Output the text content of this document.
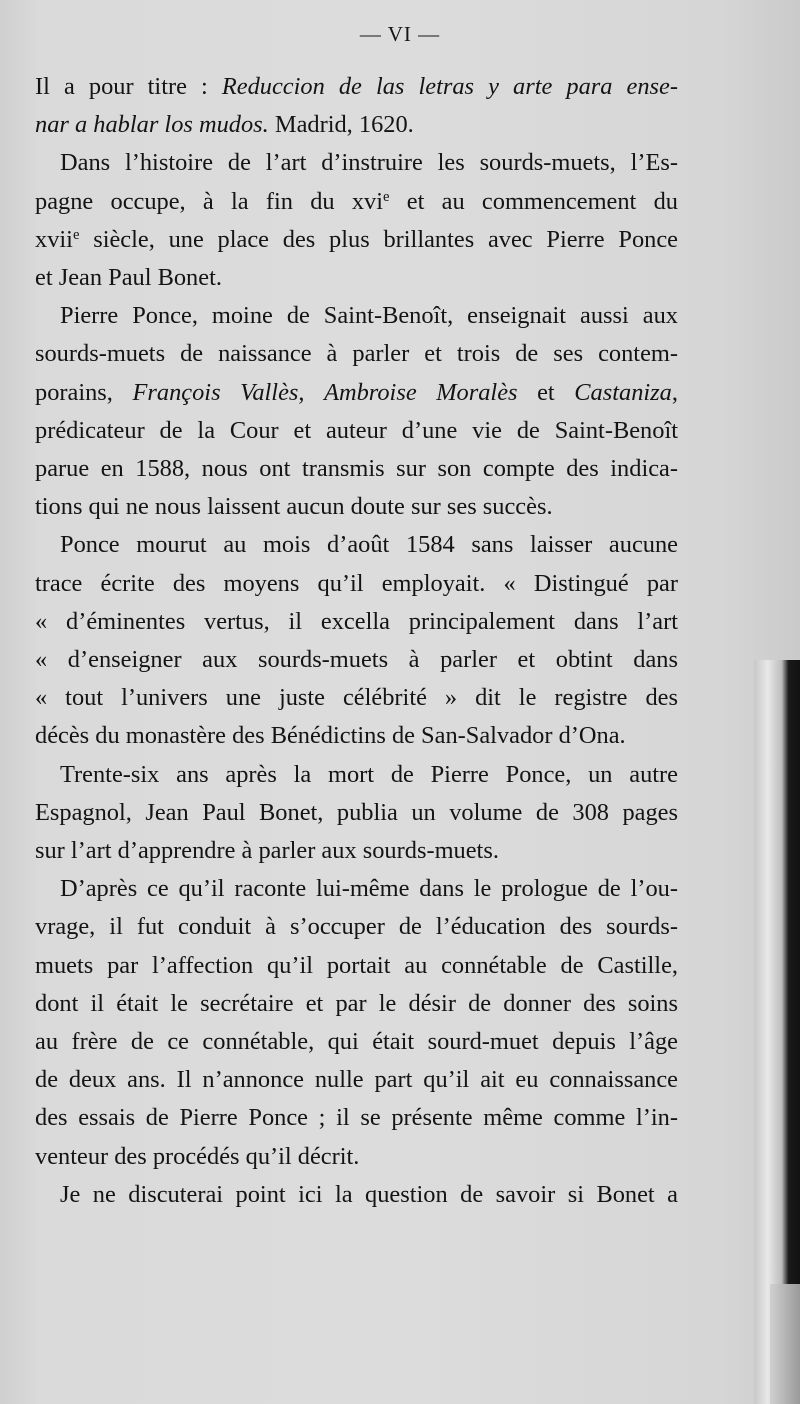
— VI —
Il a pour titre : Reduccion de las letras y arte para ense-
nar a hablar los mudos. Madrid, 1620.
Dans l’histoire de l’art d’instruire les sourds-muets, l’Es-
pagne occupe, à la fin du xvi$^e$ et au commencement du
xvii$^e$ siècle, une place des plus brillantes avec Pierre Ponce
et Jean Paul Bonet.
Pierre Ponce, moine de Saint-Benoît, enseignait aussi aux
sourds-muets de naissance à parler et trois de ses contem-
porains, François Vallès, Ambroise Moralès et Castaniza,
prédicateur de la Cour et auteur d’une vie de Saint-Benoît
parue en 1588, nous ont transmis sur son compte des indica-
tions qui ne nous laissent aucun doute sur ses succès.
Ponce mourut au mois d’août 1584 sans laisser aucune
trace écrite des moyens qu’il employait. « Distingué par
« d’éminentes vertus, il excella principalement dans l’art
« d’enseigner aux sourds-muets à parler et obtint dans
« tout l’univers une juste célébrité » dit le registre des
décès du monastère des Bénédictins de San-Salvador d’Ona.
Trente-six ans après la mort de Pierre Ponce, un autre
Espagnol, Jean Paul Bonet, publia un volume de 308 pages
sur l’art d’apprendre à parler aux sourds-muets.
D’après ce qu’il raconte lui-même dans le prologue de l’ou-
vrage, il fut conduit à s’occuper de l’éducation des sourds-
muets par l’affection qu’il portait au connétable de Castille,
dont il était le secrétaire et par le désir de donner des soins
au frère de ce connétable, qui était sourd-muet depuis l’âge
de deux ans. Il n’annonce nulle part qu’il ait eu connaissance
des essais de Pierre Ponce ; il se présente même comme l’in-
venteur des procédés qu’il décrit.
Je ne discuterai point ici la question de savoir si Bonet a
